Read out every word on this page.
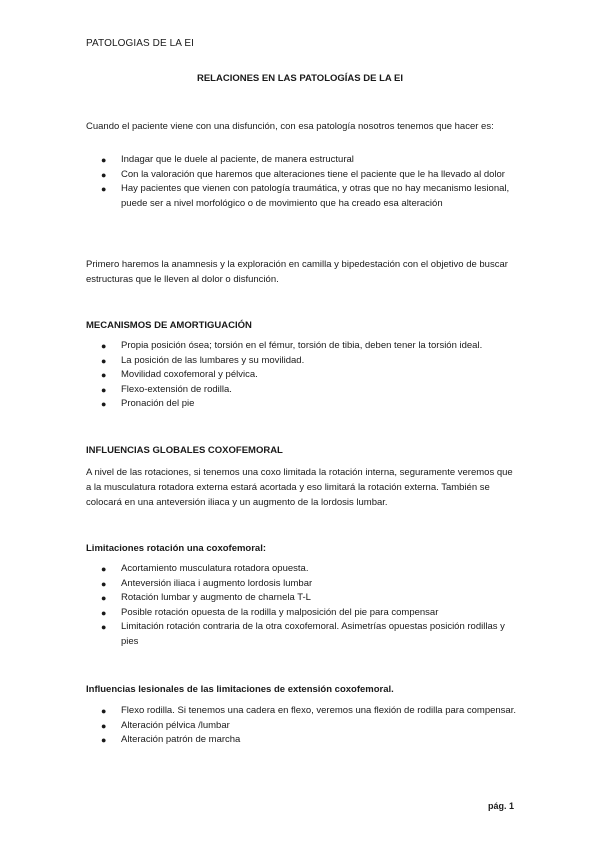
PATOLOGIAS DE LA EI
RELACIONES EN LAS PATOLOGÍAS DE LA EI
Cuando el paciente viene con una disfunción, con esa patología nosotros tenemos que hacer es:
● Indagar que le duele al paciente, de manera estructural
● Con la valoración que haremos que alteraciones tiene el paciente que le ha llevado al dolor
● Hay pacientes que vienen con patología traumática, y otras que no hay mecanismo lesional, puede ser a nivel morfológico o de movimiento que ha creado esa alteración
Primero haremos la anamnesis y la exploración en camilla y bipedestación con el objetivo de buscar estructuras que le lleven al dolor o disfunción.
MECANISMOS DE AMORTIGUACIÓN
● Propia posición ósea; torsión en el fémur, torsión de tibia, deben tener la torsión ideal.
● La posición de las lumbares y su movilidad.
● Movilidad coxofemoral y pélvica.
● Flexo-extensión de rodilla.
● Pronación del pie
INFLUENCIAS GLOBALES COXOFEMORAL
A nivel de las rotaciones, si tenemos una coxo limitada la rotación interna, seguramente veremos que a la musculatura rotadora externa estará acortada y eso limitará la rotación externa. También se colocará en una anteversión iliaca y un augmento de la lordosis lumbar.
Limitaciones rotación una coxofemoral:
● Acortamiento musculatura rotadora opuesta.
● Anteversión iliaca i augmento lordosis lumbar
● Rotación lumbar y augmento de charnela T-L
● Posible rotación opuesta de la rodilla y malposición del pie para compensar
● Limitación rotación contraria de la otra coxofemoral. Asimetrías opuestas posición rodillas y pies
Influencias lesionales de las limitaciones de extensión coxofemoral.
● Flexo rodilla. Si tenemos una cadera en flexo, veremos una flexión de rodilla para compensar.
● Alteración pélvica /lumbar
● Alteración patrón de marcha
pág. 1
